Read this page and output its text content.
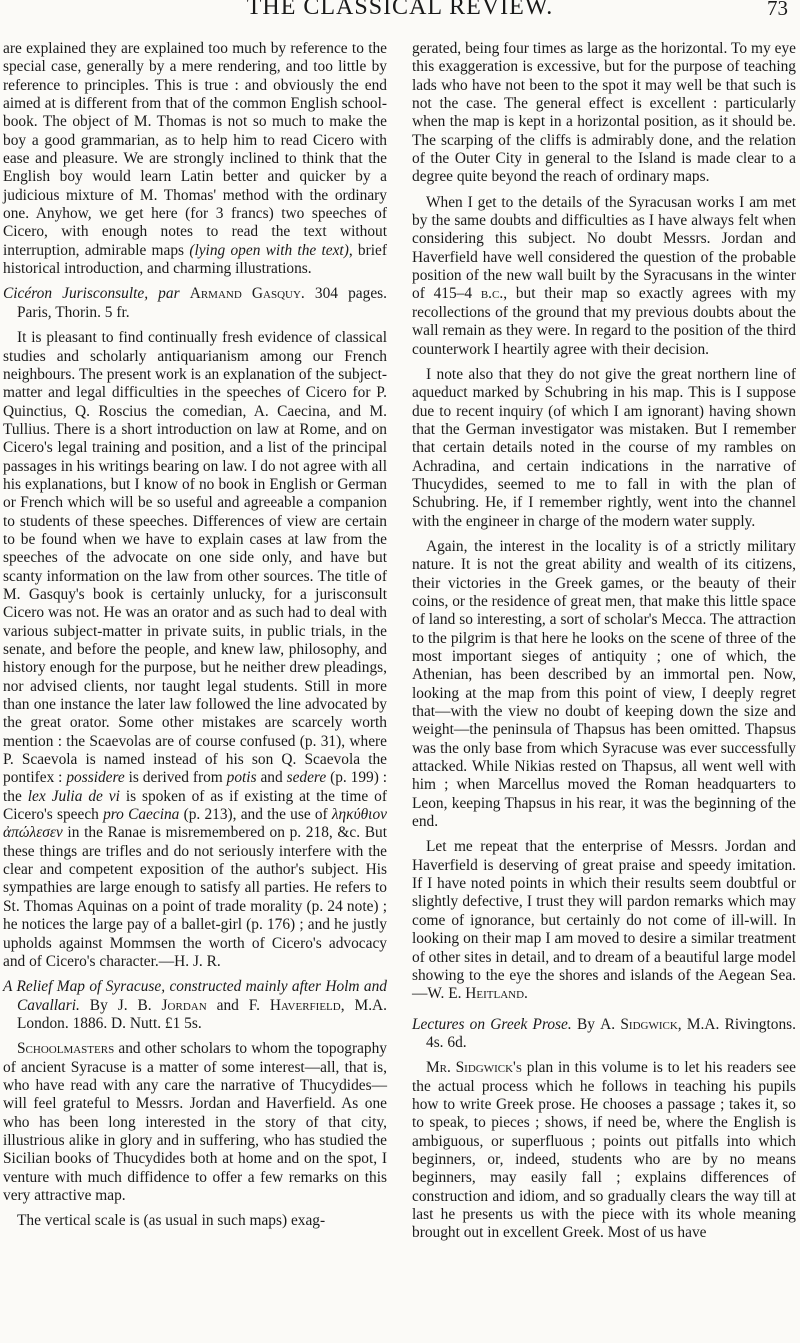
THE CLASSICAL REVIEW.	73

are explained they are explained too much by reference to the special case, generally by a mere rendering, and too little by reference to principles. This is true : and obviously the end aimed at is different from that of the common English school-book. The object of M. Thomas is not so much to make the boy a good grammarian, as to help him to read Cicero with ease and pleasure. We are strongly inclined to think that the English boy would learn Latin better and quicker by a judicious mixture of M. Thomas' method with the ordinary one. Anyhow, we get here (for 3 francs) two speeches of Cicero, with enough notes to read the text without interruption, admirable maps (lying open with the text), brief historical introduction, and charming illustrations.

Cicéron Jurisconsulte, par Armand Gasquy. 304 pages. Paris, Thorin. 5 fr.

It is pleasant to find continually fresh evidence of classical studies and scholarly antiquarianism among our French neighbours. The present work is an explanation of the subject-matter and legal difficulties in the speeches of Cicero for P. Quinctius, Q. Roscius the comedian, A. Caecina, and M. Tullius. There is a short introduction on law at Rome, and on Cicero's legal training and position, and a list of the principal passages in his writings bearing on law. I do not agree with all his explanations, but I know of no book in English or German or French which will be so useful and agreeable a companion to students of these speeches. Differences of view are certain to be found when we have to explain cases at law from the speeches of the advocate on one side only, and have but scanty information on the law from other sources. The title of M. Gasquy's book is certainly unlucky, for a jurisconsult Cicero was not. He was an orator and as such had to deal with various subject-matter in private suits, in public trials, in the senate, and before the people, and knew law, philosophy, and history enough for the purpose, but he neither drew pleadings, nor advised clients, nor taught legal students. Still in more than one instance the later law followed the line advocated by the great orator. Some other mistakes are scarcely worth mention : the Scaevolas are of course confused (p. 31), where P. Scaevola is named instead of his son Q. Scaevola the pontifex : possidere is derived from potis and sedere (p. 199) : the lex Julia de vi is spoken of as if existing at the time of Cicero's speech pro Caecina (p. 213), and the use of ληκύθιον ἀπώλεσεν in the Ranae is misremembered on p. 218, &c. But these things are trifles and do not seriously interfere with the clear and competent exposition of the author's subject. His sympathies are large enough to satisfy all parties. He refers to St. Thomas Aquinas on a point of trade morality (p. 24 note) ; he notices the large pay of a ballet-girl (p. 176) ; and he justly upholds against Mommsen the worth of Cicero's advocacy and of Cicero's character.—H. J. R.

A Relief Map of Syracuse, constructed mainly after Holm and Cavallari. By J. B. Jordan and F. Haverfield, M.A. London. 1886. D. Nutt. £1 5s.

Schoolmasters and other scholars to whom the topography of ancient Syracuse is a matter of some interest—all, that is, who have read with any care the narrative of Thucydides—will feel grateful to Messrs. Jordan and Haverfield. As one who has been long interested in the story of that city, illustrious alike in glory and in suffering, who has studied the Sicilian books of Thucydides both at home and on the spot, I venture with much diffidence to offer a few remarks on this very attractive map.

The vertical scale is (as usual in such maps) exag-

gerated, being four times as large as the horizontal. To my eye this exaggeration is excessive, but for the purpose of teaching lads who have not been to the spot it may well be that such is not the case. The general effect is excellent : particularly when the map is kept in a horizontal position, as it should be. The scarping of the cliffs is admirably done, and the relation of the Outer City in general to the Island is made clear to a degree quite beyond the reach of ordinary maps.

When I get to the details of the Syracusan works I am met by the same doubts and difficulties as I have always felt when considering this subject. No doubt Messrs. Jordan and Haverfield have well considered the question of the probable position of the new wall built by the Syracusans in the winter of 415–4 b.c., but their map so exactly agrees with my recollections of the ground that my previous doubts about the wall remain as they were. In regard to the position of the third counterwork I heartily agree with their decision.

I note also that they do not give the great northern line of aqueduct marked by Schubring in his map. This is I suppose due to recent inquiry (of which I am ignorant) having shown that the German investigator was mistaken. But I remember that certain details noted in the course of my rambles on Achradina, and certain indications in the narrative of Thucydides, seemed to me to fall in with the plan of Schubring. He, if I remember rightly, went into the channel with the engineer in charge of the modern water supply.

Again, the interest in the locality is of a strictly military nature. It is not the great ability and wealth of its citizens, their victories in the Greek games, or the beauty of their coins, or the residence of great men, that make this little space of land so interesting, a sort of scholar's Mecca. The attraction to the pilgrim is that here he looks on the scene of three of the most important sieges of antiquity ; one of which, the Athenian, has been described by an immortal pen. Now, looking at the map from this point of view, I deeply regret that—with the view no doubt of keeping down the size and weight—the peninsula of Thapsus has been omitted. Thapsus was the only base from which Syracuse was ever successfully attacked. While Nikias rested on Thapsus, all went well with him ; when Marcellus moved the Roman headquarters to Leon, keeping Thapsus in his rear, it was the beginning of the end.

Let me repeat that the enterprise of Messrs. Jordan and Haverfield is deserving of great praise and speedy imitation. If I have noted points in which their results seem doubtful or slightly defective, I trust they will pardon remarks which may come of ignorance, but certainly do not come of ill-will. In looking on their map I am moved to desire a similar treatment of other sites in detail, and to dream of a beautiful large model showing to the eye the shores and islands of the Aegean Sea.—W. E. Heitland.

Lectures on Greek Prose. By A. Sidgwick, M.A. Rivingtons. 4s. 6d.

Mr. Sidgwick's plan in this volume is to let his readers see the actual process which he follows in teaching his pupils how to write Greek prose. He chooses a passage ; takes it, so to speak, to pieces ; shows, if need be, where the English is ambiguous, or superfluous ; points out pitfalls into which beginners, or, indeed, students who are by no means beginners, may easily fall ; explains differences of construction and idiom, and so gradually clears the way till at last he presents us with the piece with its whole meaning brought out in excellent Greek. Most of us have
